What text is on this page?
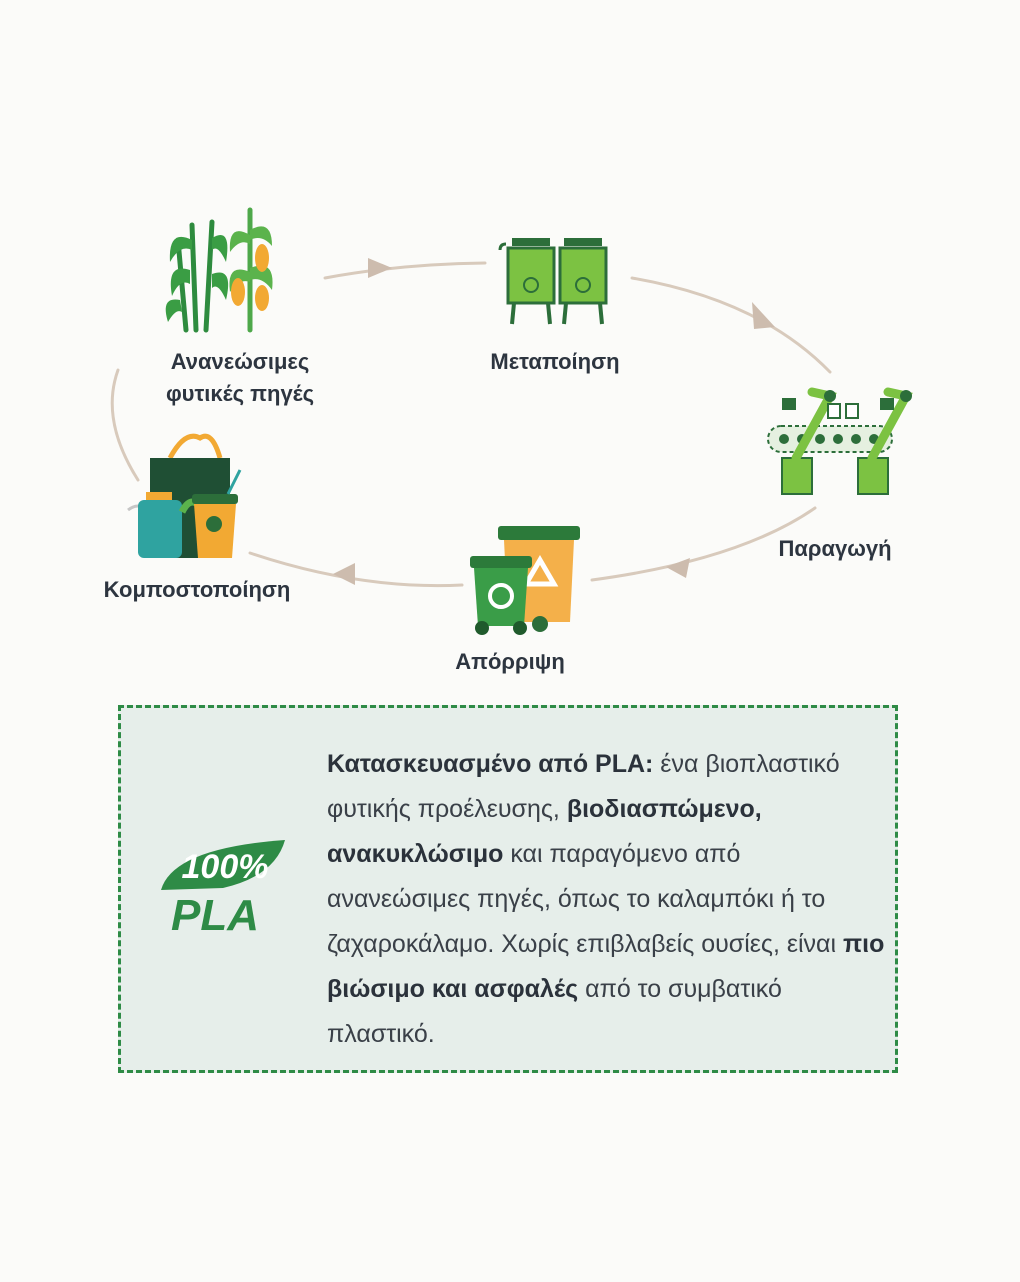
Ανανεώσιμες
φυτικές πηγές
Μεταποίηση
Παραγωγή
Απόρριψη
Κομποστοποίηση
100%
PLA
Κατασκευασμένο από PLA: ένα βιοπλαστικό φυτικής προέλευσης, βιοδιασπώμενο, ανακυκλώσιμο και παραγόμενο από ανανεώσιμες πηγές, όπως το καλαμπόκι ή το ζαχαροκάλαμο. Χωρίς επιβλαβείς ουσίες, είναι πιο βιώσιμο και ασφαλές από το συμβατικό πλαστικό.
